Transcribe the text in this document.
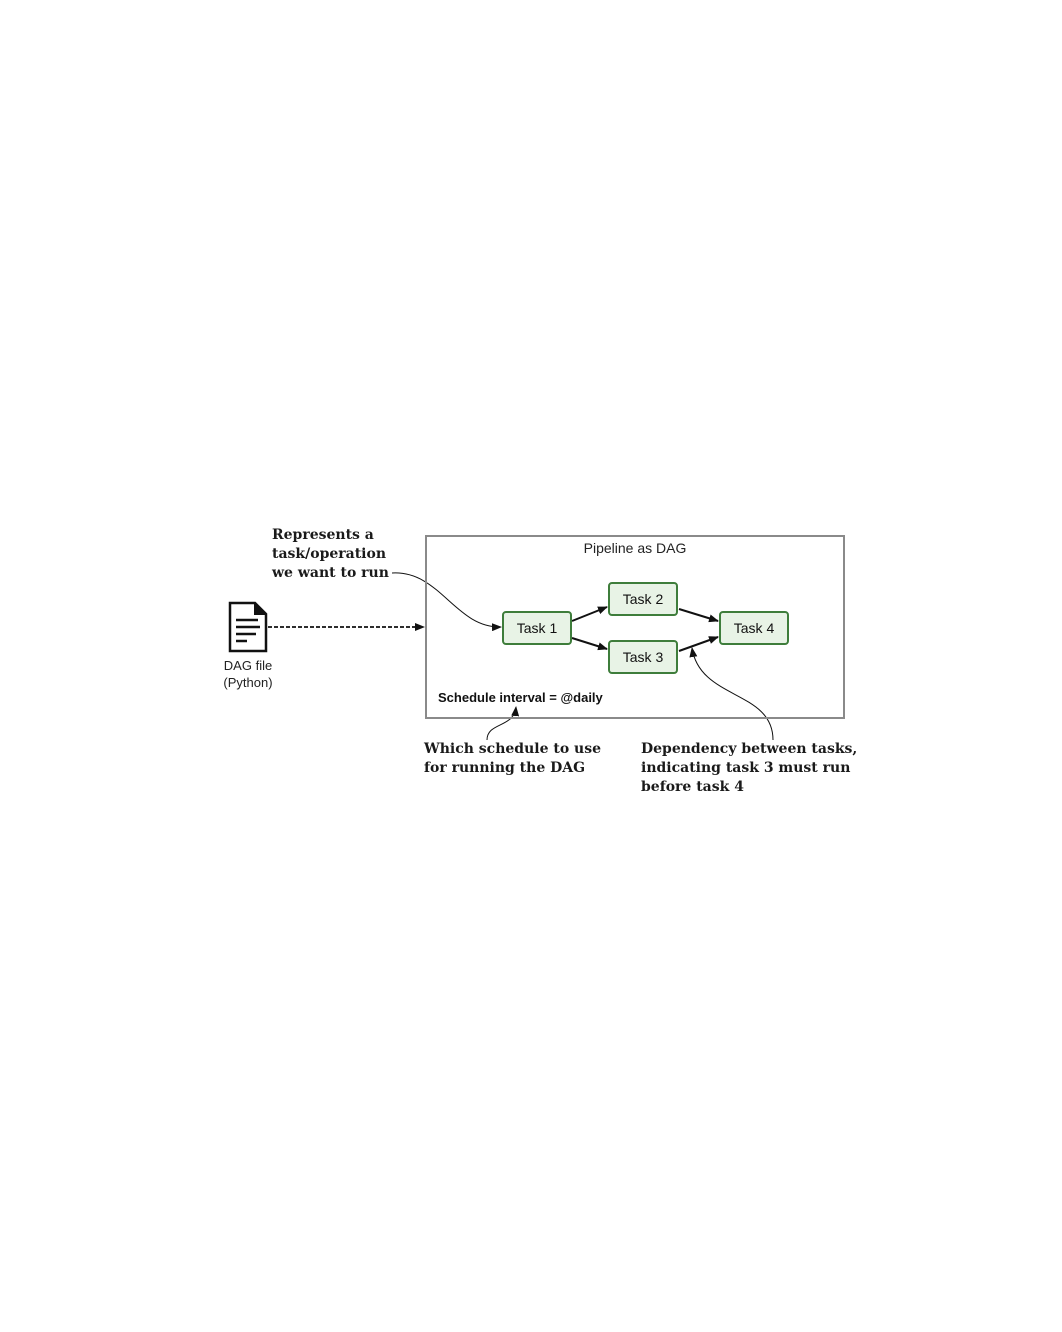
Pipeline as DAG
Task 1
Task 2
Task 3
Task 4
Schedule interval = @daily
DAG file
(Python)
Represents a
task/operation
we want to run
Which schedule to use
for running the DAG
Dependency between tasks,
indicating task 3 must run
before task 4
